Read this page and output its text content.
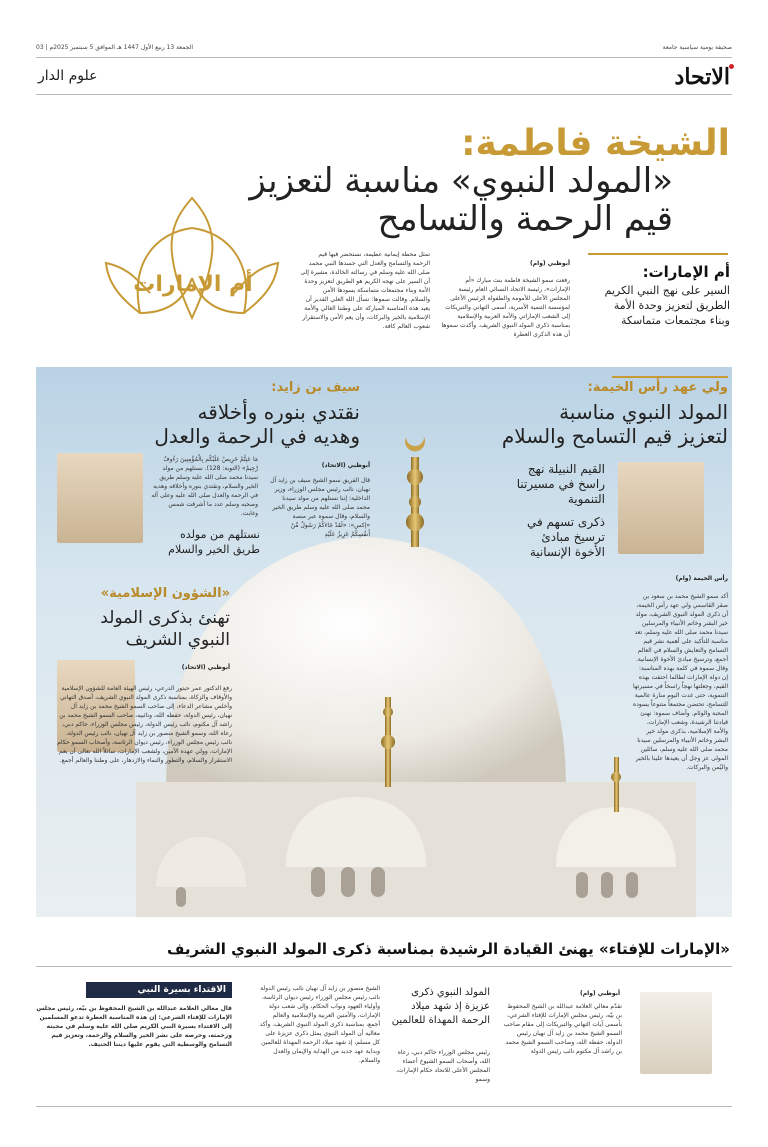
صحيفة يومية سياسية جامعة
الجمعة 13 ربيع الأول 1447 هـ الموافق 5 سبتمبر 2025م | 03
الاتحاد
علوم الدار
الشيخة فاطمة:
«المولد النبوي» مناسبة لتعزيز
قيم الرحمة والتسامح
أم الإمارات	أم الإمارات:
السير على نهج النبي الكريم الطريق لتعزيز وحدة الأمة وبناء مجتمعات متماسكة
أبوظبي (وام)
رفعت سمو الشيخة فاطمة بنت مبارك «أم الإمارات»، رئيسة الاتحاد النسائي العام رئيسة المجلس الأعلى للأمومة والطفولة الرئيس الأعلى لمؤسسة التنمية الأسرية، أسمى التهاني والتبريكات إلى الشعب الإماراتي والأمة العربية والإسلامية بمناسبة ذكرى المولد النبوي الشريف. وأكدت سموها أن هذه الذكرى العطرة
تمثل محطة إيمانية عظيمة، نستحضر فيها قيم الرحمة والتسامح والعدل التي جسدها النبي محمد صلى الله عليه وسلم في رسالته الخالدة، مشيرة إلى أن السير على نهجه الكريم هو الطريق لتعزيز وحدة الأمة وبناء مجتمعات متماسكة يسودها الأمن والسلام. وقالت سموها: نسأل الله العلي القدير أن يعيد هذه المناسبة المباركة على وطننا الغالي والأمة الإسلامية بالخير والبركات، وأن يعم الأمن والاستقرار شعوب العالم كافة.
ولي عهد رأس الخيمة:
المولد النبوي مناسبة
لتعزيز قيم التسامح والسلام
القيم النبيلة نهج راسخ في مسيرتنا التنموية
ذكرى تسهم في ترسيخ مبادئ الأخوة الإنسانية
رأس الخيمة (وام)
أكد سمو الشيخ محمد بن سعود بن صقر القاسمي ولي عهد رأس الخيمة، أن ذكرى المولد النبوي الشريف، مولد خير البشر وخاتم الأنبياء والمرسلين سيدنا محمد صلى الله عليه وسلم، تعد مناسبة للتأكيد على أهمية نشر قيم التسامح والتعايش والسلام في العالم أجمع، وترسيخ مبادئ الأخوة الإنسانية. وقال سموه في كلمة بهذه المناسبة: إن دولة الإمارات لطالما احتفت بهذه القيم، وجعلتها نهجاً راسخاً في مسيرتها التنموية، حتى غدت اليوم منارة عالمية للتسامح، تحتضن مجتمعاً متنوعاً يسوده المحبة والوئام. وأضاف سموه: نهنئ قيادتنا الرشيدة، وشعب الإمارات، والأمة الإسلامية، بذكرى مولد خير البشر وخاتم الأنبياء والمرسلين سيدنا محمد صلى الله عليه وسلم، سائلين المولى عز وجل أن يعيدها علينا بالخير واليُمن والبركات.
سيف بن زايد:
نقتدي بنوره وأخلاقه
وهديه في الرحمة والعدل
أبوظبي (الاتحاد)
قال الفريق سمو الشيخ سيف بن زايد آل نهيان، نائب رئيس مجلس الوزراء، وزير الداخلية: إننا نستلهم من مولد سيدنا محمد صلى الله عليه وسلم طريق الخير والسلام، وقال سموه عبر منصة «إكس»: «لَقَدْ جَاءَكُمْ رَسُولٌ مِّنْ أَنفُسِكُمْ عَزِيزٌ عَلَيْهِ
مَا عَنِتُّمْ حَرِيصٌ عَلَيْكُم بِالْمُؤْمِنِينَ رَءُوفٌ رَّحِيمٌ» (التوبة: 128). نستلهم من مولد سيدنا محمد صلى الله عليه وسلم طريق الخير والسلام، ونقتدي بنوره وأخلاقه وهديه في الرحمة والعدل صلى الله عليه وعلى آله وصحبه وسلم عدد ما أشرقت شمس وغابت.
نستلهم من مولده طريق الخير والسلام
«الشؤون الإسلامية»
تهنئ بذكرى المولد
النبوي الشريف
أبوظبي (الاتحاد)
رفع الدكتور عمر حبتور الدرعي، رئيس الهيئة العامة للشؤون الإسلامية والأوقاف والزكاة، بمناسبة ذكرى المولد النبوي الشريف، أصدق التهاني وأخلص مشاعر الدعاء، إلى صاحب السمو الشيخ محمد بن زايد آل نهيان، رئيس الدولة، حفظه الله، ونائبيه، صاحب السمو الشيخ محمد بن راشد آل مكتوم، نائب رئيس الدولة، رئيس مجلس الوزراء، حاكم دبي، رعاه الله، وسمو الشيخ منصور بن زايد آل نهيان، نائب رئيس الدولة، نائب رئيس مجلس الوزراء، رئيس ديوان الرئاسة، وأصحاب السمو حكام الإمارات، وولي عهده الأمين، ولشعب الإمارات، سائلاً الله تعالى أن يعم الاستقرار والسلام، والتطور والنماء والازدهار، على وطننا والعالم أجمع.
«الإمارات للإفتاء» يهنئ القيادة الرشيدة بمناسبة ذكرى المولد النبوي الشريف
أبوظبي (وام)
تقدّم معالي العلامة عبدالله بن الشيخ المحفوظ بن بيّه، رئيس مجلس الإمارات للإفتاء الشرعي، بأسمى آيات التهاني والتبريكات إلى مقام صاحب السمو الشيخ محمد بن زايد آل نهيان رئيس الدولة، حفظه الله، وصاحب السمو الشيخ محمد بن راشد آل مكتوم نائب رئيس الدولة
المولد النبوي ذكرى عزيزة إذ شهد ميلاد الرحمة المهداة للعالمين
رئيس مجلس الوزراء حاكم دبي، رعاه الله، وأصحاب السمو الشيوخ أعضاء المجلس الأعلى للاتحاد حكام الإمارات، وسمو
الشيخ منصور بن زايد آل نهيان نائب رئيس الدولة نائب رئيس مجلس الوزراء رئيس ديوان الرئاسة، وأولياء العهود ونواب الحكام، وإلى شعب دولة الإمارات، والأمتين العربية والإسلامية والعالم أجمع، بمناسبة ذكرى المولد النبوي الشريف. وأكد معاليه أن المولد النبوي يمثل ذكرى عزيزة على كل مسلم، إذ شهد ميلاد الرحمة المهداة للعالمين وبداية عهد جديد من الهداية والإيمان والعدل والسلام.
الاقتداء بسيرة النبي
قال معالي العلامة عبدالله بن الشيخ المحفوظ بن بيّه، رئيس مجلس الإمارات للإفتاء الشرعي: إن هذه المناسبة العطرة تدعو المسلمين إلى الاقتداء بسيرة النبي الكريم صلى الله عليه وسلم في محبته ورحمته، وحرصه على نشر الخير والسلام والرحمة، وتعزيز قيم التسامح والوسطية التي يقوم عليها ديننا الحنيف.
